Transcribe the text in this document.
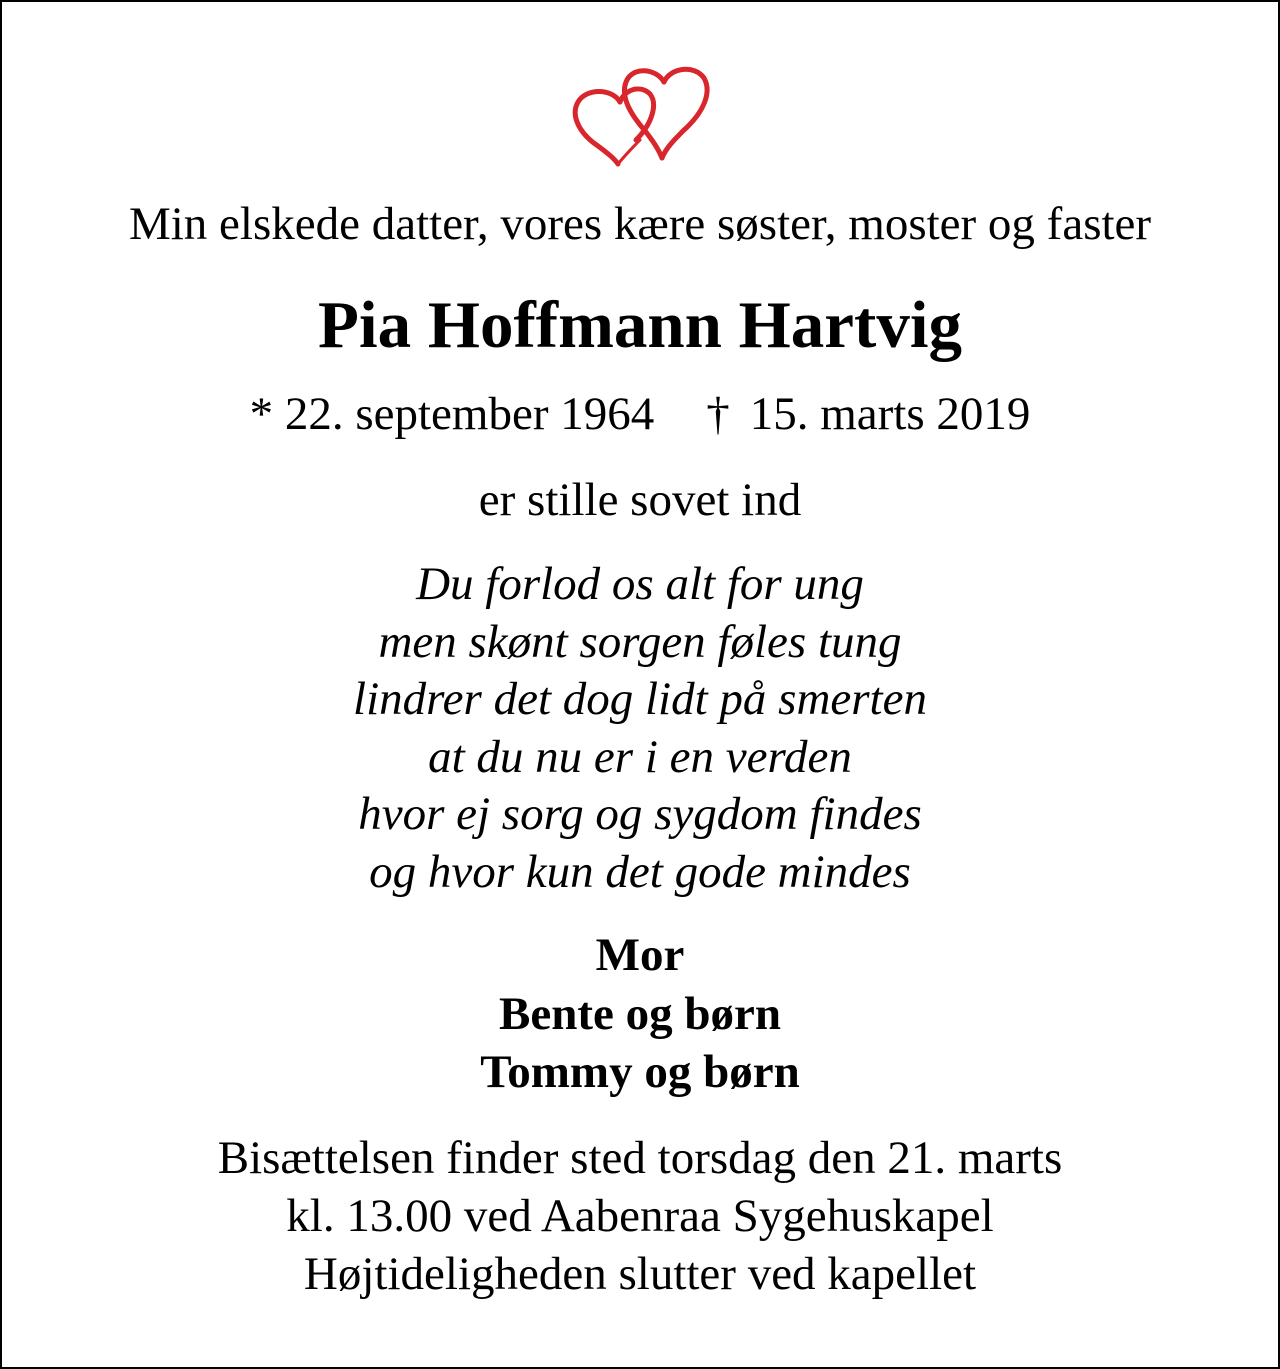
Min elskede datter, vores kære søster, moster og faster
Pia Hoffmann Hartvig
* 22. september 1964 † 15. marts 2019
er stille sovet ind
Du forlod os alt for ung
men skønt sorgen føles tung
lindrer det dog lidt på smerten
at du nu er i en verden
hvor ej sorg og sygdom findes
og hvor kun det gode mindes
Mor
Bente og børn
Tommy og børn
Bisættelsen finder sted torsdag den 21. marts
kl. 13.00 ved Aabenraa Sygehuskapel
Højtideligheden slutter ved kapellet
